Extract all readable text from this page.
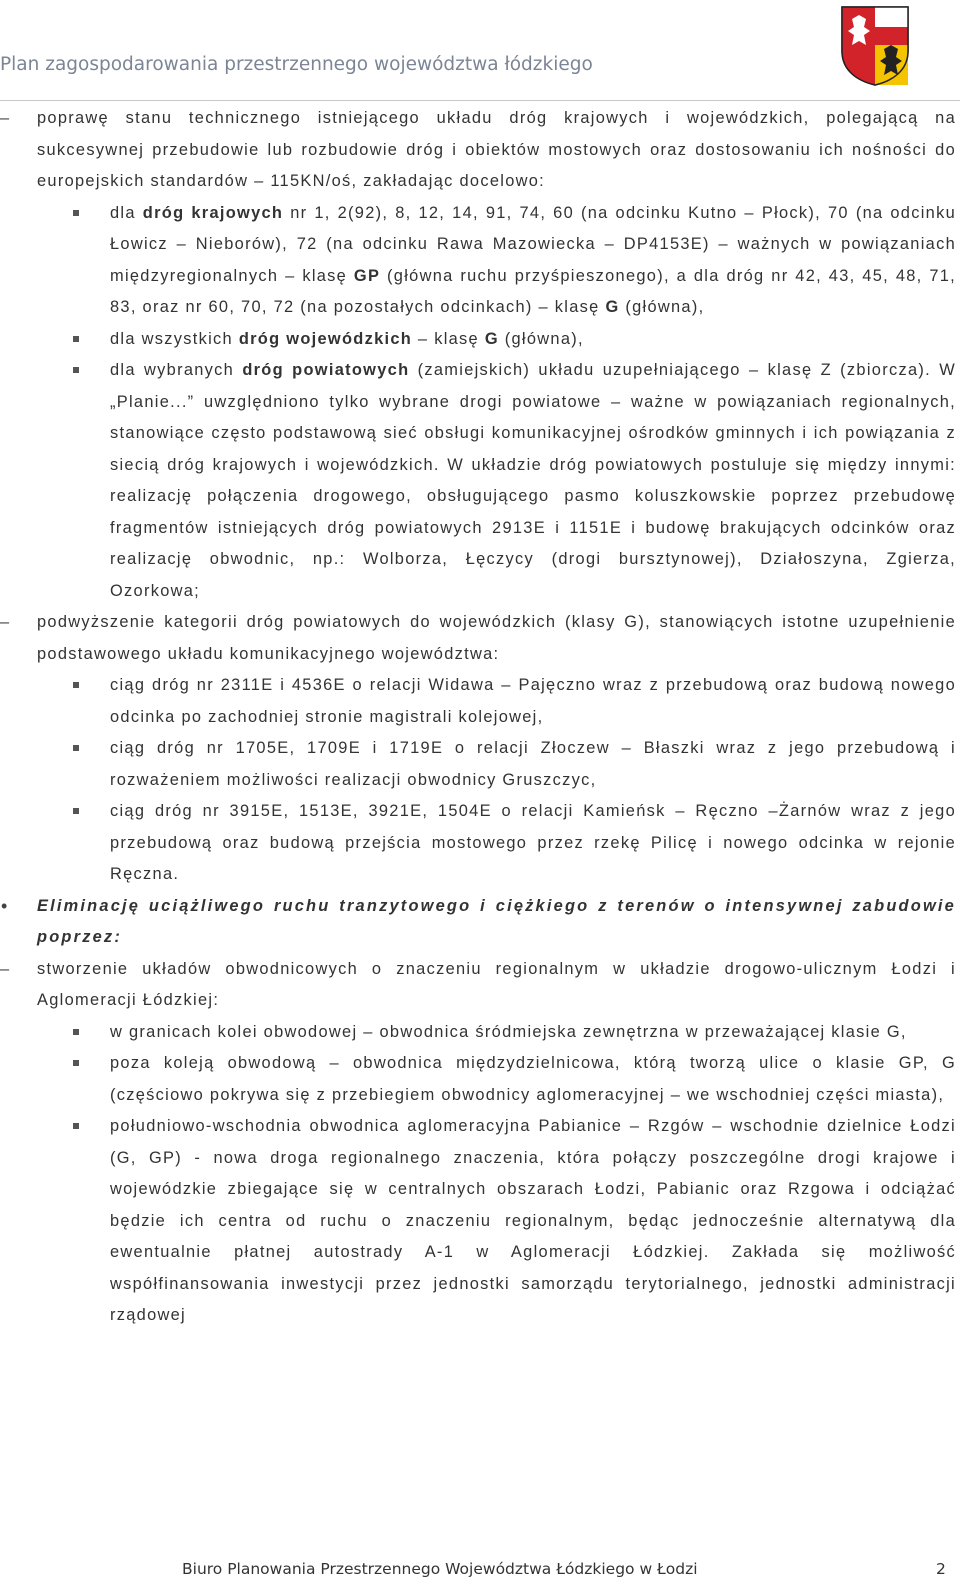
Plan zagospodarowania przestrzennego województwa łódzkiego

– poprawę stanu technicznego istniejącego układu dróg krajowych i wojewódzkich, polegającą na sukcesywnej przebudowie lub rozbudowie dróg i obiektów mostowych oraz dostosowaniu ich nośności do europejskich standardów – 115KN/oś, zakładając docelowo:

dla dróg krajowych nr 1, 2(92), 8, 12, 14, 91, 74, 60 (na odcinku Kutno – Płock), 70 (na odcinku Łowicz – Nieborów), 72 (na odcinku Rawa Mazowiecka – DP4153E) – ważnych w powiązaniach międzyregionalnych – klasę GP (główna ruchu przyśpieszonego), a dla dróg nr 42, 43, 45, 48, 71, 83, oraz nr 60, 70, 72 (na pozostałych odcinkach) – klasę G (główna),

dla wszystkich dróg wojewódzkich – klasę G (główna),

dla wybranych dróg powiatowych (zamiejskich) układu uzupełniającego – klasę Z (zbiorcza). W „Planie...” uwzględniono tylko wybrane drogi powiatowe – ważne w powiązaniach regionalnych, stanowiące często podstawową sieć obsługi komunikacyjnej ośrodków gminnych i ich powiązania z siecią dróg krajowych i wojewódzkich. W układzie dróg powiatowych postuluje się między innymi: realizację połączenia drogowego, obsługującego pasmo koluszkowskie poprzez przebudowę fragmentów istniejących dróg powiatowych 2913E i 1151E i budowę brakujących odcinków oraz realizację obwodnic, np.: Wolborza, Łęczycy (drogi bursztynowej), Działoszyna, Zgierza, Ozorkowa;

– podwyższenie kategorii dróg powiatowych do wojewódzkich (klasy G), stanowiących istotne uzupełnienie podstawowego układu komunikacyjnego województwa:

ciąg dróg nr 2311E i 4536E o relacji Widawa – Pajęczno wraz z przebudową oraz budową nowego odcinka po zachodniej stronie magistrali kolejowej,

ciąg dróg nr 1705E, 1709E i 1719E o relacji Złoczew – Błaszki wraz z jego przebudową i rozważeniem możliwości realizacji obwodnicy Gruszczyc,

ciąg dróg nr 3915E, 1513E, 3921E, 1504E o relacji Kamieńsk – Ręczno –Żarnów wraz z jego przebudową oraz budową przejścia mostowego przez rzekę Pilicę i nowego odcinka w rejonie Ręczna.

• Eliminację uciążliwego ruchu tranzytowego i ciężkiego z terenów o intensywnej zabudowie poprzez:

– stworzenie układów obwodnicowych o znaczeniu regionalnym w układzie drogowo-ulicznym Łodzi i Aglomeracji Łódzkiej:

w granicach kolei obwodowej – obwodnica śródmiejska zewnętrzna w przeważającej klasie G,

poza koleją obwodową – obwodnica międzydzielnicowa, którą tworzą ulice o klasie GP, G (częściowo pokrywa się z przebiegiem obwodnicy aglomeracyjnej – we wschodniej części miasta),

południowo-wschodnia obwodnica aglomeracyjna Pabianice – Rzgów – wschodnie dzielnice Łodzi (G, GP) - nowa droga regionalnego znaczenia, która połączy poszczególne drogi krajowe i wojewódzkie zbiegające się w centralnych obszarach Łodzi, Pabianic oraz Rzgowa i odciążać będzie ich centra od ruchu o znaczeniu regionalnym, będąc jednocześnie alternatywą dla ewentualnie płatnej autostrady A-1 w Aglomeracji Łódzkiej. Zakłada się możliwość współfinansowania inwestycji przez jednostki samorządu terytorialnego, jednostki administracji rządowej

Biuro Planowania Przestrzennego Województwa Łódzkiego w Łodzi	2
